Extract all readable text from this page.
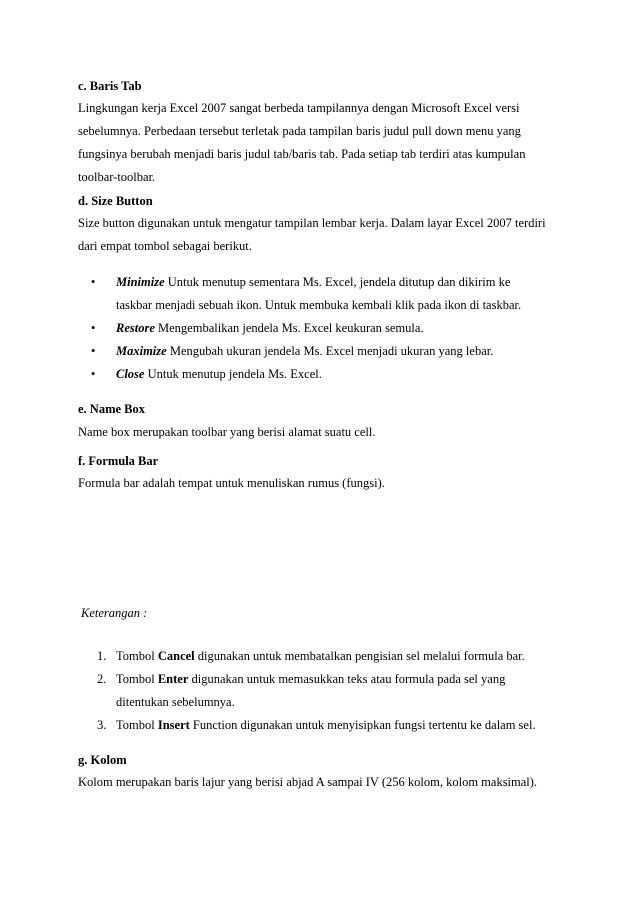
c. Baris Tab
Lingkungan kerja Excel 2007 sangat berbeda tampilannya dengan Microsoft Excel versi
sebelumnya. Perbedaan tersebut terletak pada tampilan baris judul pull down menu yang
fungsinya berubah menjadi baris judul tab/baris tab. Pada setiap tab terdiri atas kumpulan
toolbar-toolbar.
d. Size Button
Size button digunakan untuk mengatur tampilan lembar kerja. Dalam layar Excel 2007 terdiri
dari empat tombol sebagai berikut.
• Minimize Untuk menutup sementara Ms. Excel, jendela ditutup dan dikirim ke
taskbar menjadi sebuah ikon. Untuk membuka kembali klik pada ikon di taskbar.
• Restore Mengembalikan jendela Ms. Excel keukuran semula.
• Maximize Mengubah ukuran jendela Ms. Excel menjadi ukuran yang lebar.
• Close Untuk menutup jendela Ms. Excel.
e. Name Box
Name box merupakan toolbar yang berisi alamat suatu cell.
f. Formula Bar
Formula bar adalah tempat untuk menuliskan rumus (fungsi).
Keterangan :
1. Tombol Cancel digunakan untuk membatalkan pengisian sel melalui formula bar.
2. Tombol Enter digunakan untuk memasukkan teks atau formula pada sel yang
ditentukan sebelumnya.
3. Tombol Insert Function digunakan untuk menyisipkan fungsi tertentu ke dalam sel.
g. Kolom
Kolom merupakan baris lajur yang berisi abjad A sampai IV (256 kolom, kolom maksimal).
